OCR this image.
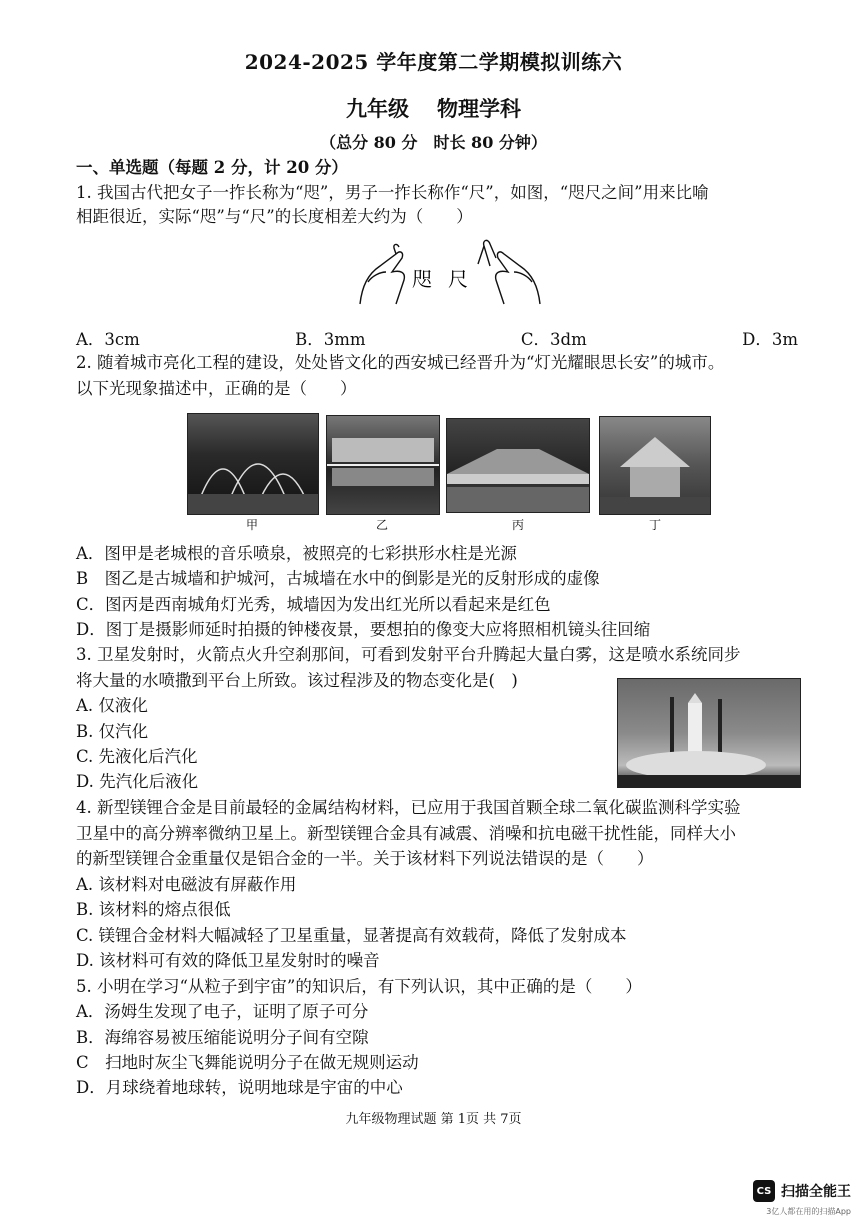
2024-2025 学年度第二学期模拟训练六
九年级 物理学科
（总分 80 分　时长 80 分钟）
一、单选题（每题 2 分，计 20 分）
1. 我国古代把女子一拃长称为“咫”，男子一拃长称作“尺”，如图，“咫尺之间”用来比喻
相距很近，实际“咫”与“尺”的长度相差大约为（　　）
咫 尺
A．3cm	B．3mm	C．3dm	D．3m
2. 随着城市亮化工程的建设，处处皆文化的西安城已经晋升为“灯光耀眼思长安”的城市。
以下光现象描述中，正确的是（　　）
甲	乙	丙	丁
A．图甲是老城根的音乐喷泉，被照亮的七彩拱形水柱是光源
B　图乙是古城墙和护城河，古城墙在水中的倒影是光的反射形成的虚像
C．图丙是西南城角灯光秀，城墙因为发出红光所以看起来是红色
D．图丁是摄影师延时拍摄的钟楼夜景，要想拍的像变大应将照相机镜头往回缩
3. 卫星发射时，火箭点火升空刹那间，可看到发射平台升腾起大量白雾，这是喷水系统同步
将大量的水喷撒到平台上所致。该过程涉及的物态变化是(　)
A. 仅液化
B. 仅汽化
C. 先液化后汽化
D. 先汽化后液化
4. 新型镁锂合金是目前最轻的金属结构材料，已应用于我国首颗全球二氧化碳监测科学实验
卫星中的高分辨率微纳卫星上。新型镁锂合金具有减震、消噪和抗电磁干扰性能，同样大小
的新型镁锂合金重量仅是铝合金的一半。关于该材料下列说法错误的是（　　）
A. 该材料对电磁波有屏蔽作用
B. 该材料的熔点很低
C. 镁锂合金材料大幅减轻了卫星重量，显著提高有效载荷，降低了发射成本
D. 该材料可有效的降低卫星发射时的噪音
5. 小明在学习“从粒子到宇宙”的知识后，有下列认识，其中正确的是（　　）
A．汤姆生发现了电子，证明了原子可分
B．海绵容易被压缩能说明分子间有空隙
C　扫地时灰尘飞舞能说明分子在做无规则运动
D．月球绕着地球转，说明地球是宇宙的中心
九年级物理试题 第 1页 共 7页
CS 扫描全能王
3亿人都在用的扫描App
